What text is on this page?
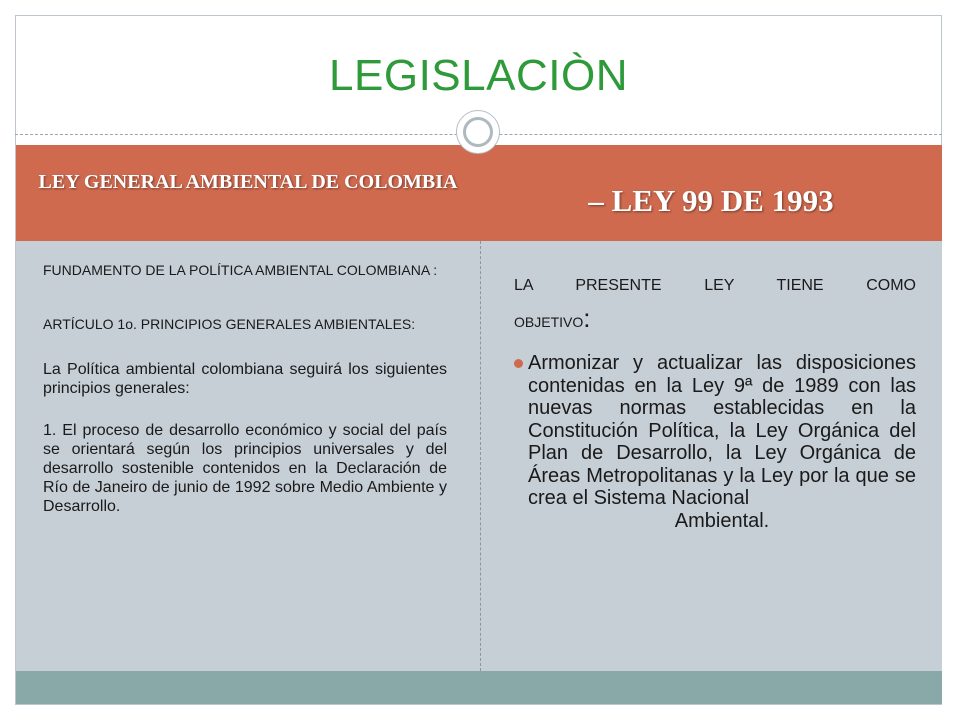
LEGISLACIÒN
LEY GENERAL AMBIENTAL DE COLOMBIA
– LEY 99 DE 1993

FUNDAMENTO DE LA POLÍTICA AMBIENTAL COLOMBIANA :

ARTÍCULO 1o. PRINCIPIOS GENERALES AMBIENTALES:

La Política ambiental colombiana seguirá los siguientes principios generales:

1. El proceso de desarrollo económico y social del país se orientará según los principios universales y del desarrollo sostenible contenidos en la Declaración de Río de Janeiro de junio de 1992 sobre Medio Ambiente y Desarrollo.

LA PRESENTE LEY TIENE COMO

OBJETIVO:

Armonizar y actualizar las disposiciones contenidas en la Ley 9ª de 1989 con las nuevas normas establecidas en la Constitución Política, la Ley Orgánica del Plan de Desarrollo, la Ley Orgánica de Áreas Metropolitanas y la Ley por la que se crea el Sistema Nacional

Ambiental.
